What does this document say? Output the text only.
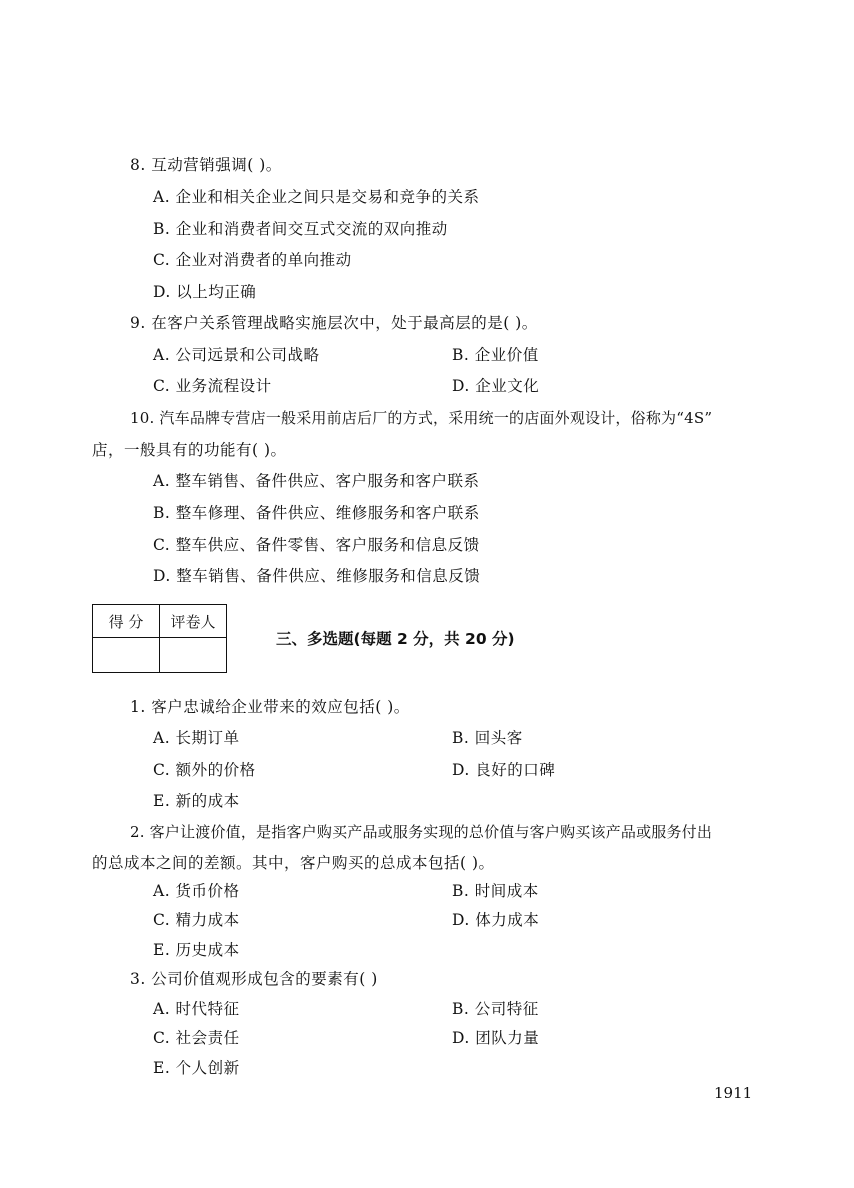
8. 互动营销强调( )。
A. 企业和相关企业之间只是交易和竞争的关系
B. 企业和消费者间交互式交流的双向推动
C. 企业对消费者的单向推动
D. 以上均正确
9. 在客户关系管理战略实施层次中，处于最高层的是( )。
A. 公司远景和公司战略	B. 企业价值
C. 业务流程设计	D. 企业文化
10. 汽车品牌专营店一般采用前店后厂的方式，采用统一的店面外观设计，俗称为“4S”
店，一般具有的功能有( )。
A. 整车销售、备件供应、客户服务和客户联系
B. 整车修理、备件供应、维修服务和客户联系
C. 整车供应、备件零售、客户服务和信息反馈
D. 整车销售、备件供应、维修服务和信息反馈
得 分	评卷人

三、多选题(每题 2 分，共 20 分)
1. 客户忠诚给企业带来的效应包括( )。
A. 长期订单	B. 回头客
C. 额外的价格	D. 良好的口碑
E. 新的成本
2. 客户让渡价值，是指客户购买产品或服务实现的总价值与客户购买该产品或服务付出
的总成本之间的差额。其中，客户购买的总成本包括( )。
A. 货币价格	B. 时间成本
C. 精力成本	D. 体力成本
E. 历史成本
3. 公司价值观形成包含的要素有( )
A. 时代特征	B. 公司特征
C. 社会责任	D. 团队力量
E. 个人创新
1911
